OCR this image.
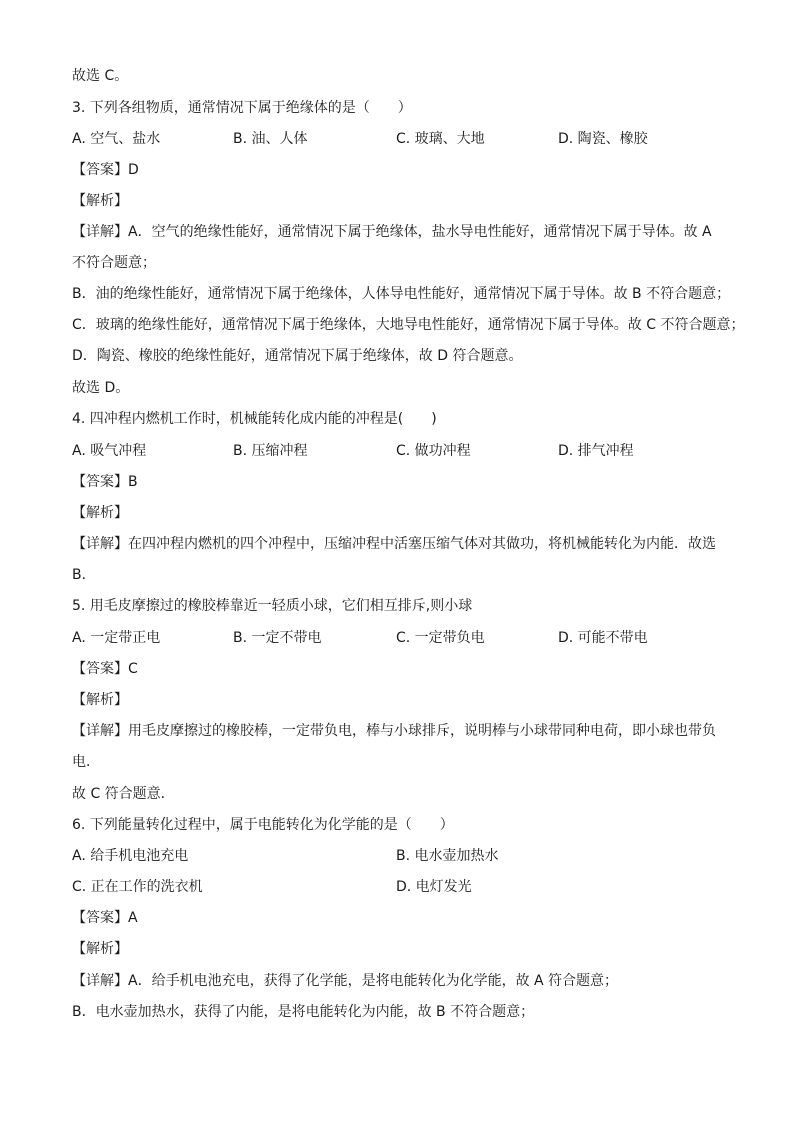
故选 C。
3. 下列各组物质，通常情况下属于绝缘体的是（　　）
A. 空气、盐水	B. 油、人体	C. 玻璃、大地	D. 陶瓷、橡胶
【答案】D
【解析】
【详解】A．空气的绝缘性能好，通常情况下属于绝缘体，盐水导电性能好，通常情况下属于导体。故 A
不符合题意；
B．油的绝缘性能好，通常情况下属于绝缘体，人体导电性能好，通常情况下属于导体。故 B 不符合题意；
C．玻璃的绝缘性能好，通常情况下属于绝缘体，大地导电性能好，通常情况下属于导体。故 C 不符合题意；
D．陶瓷、橡胶的绝缘性能好，通常情况下属于绝缘体，故 D 符合题意。
故选 D。
4. 四冲程内燃机工作时，机械能转化成内能的冲程是(　　)
A. 吸气冲程	B. 压缩冲程	C. 做功冲程	D. 排气冲程
【答案】B
【解析】
【详解】在四冲程内燃机的四个冲程中，压缩冲程中活塞压缩气体对其做功，将机械能转化为内能．故选
B．
5. 用毛皮摩擦过的橡胶棒靠近一轻质小球，它们相互排斥,则小球
A. 一定带正电	B. 一定不带电	C. 一定带负电	D. 可能不带电
【答案】C
【解析】
【详解】用毛皮摩擦过的橡胶棒，一定带负电，棒与小球排斥，说明棒与小球带同种电荷，即小球也带负
电．
故 C 符合题意．
6. 下列能量转化过程中，属于电能转化为化学能的是（　　）
A. 给手机电池充电	B. 电水壶加热水
C. 正在工作的洗衣机	D. 电灯发光
【答案】A
【解析】
【详解】A．给手机电池充电，获得了化学能，是将电能转化为化学能，故 A 符合题意；
B．电水壶加热水，获得了内能，是将电能转化为内能，故 B 不符合题意；
